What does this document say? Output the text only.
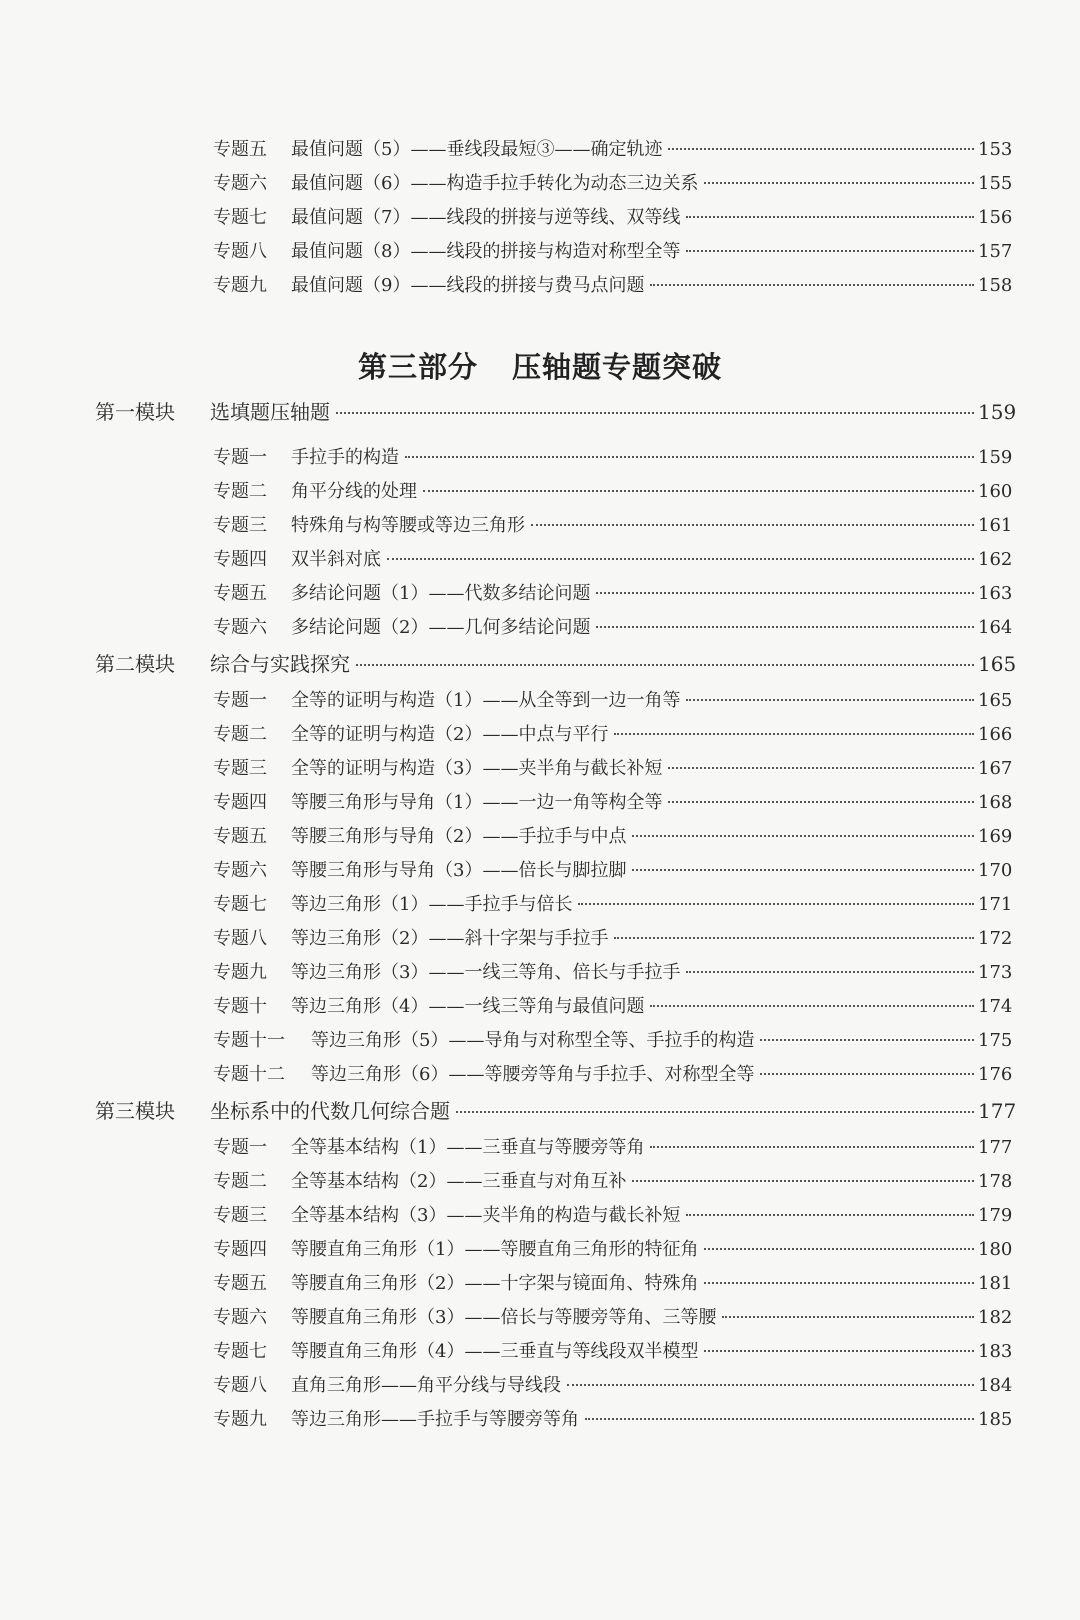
专题五	最值问题（5）——垂线段最短③——确定轨迹	153
专题六	最值问题（6）——构造手拉手转化为动态三边关系	155
专题七	最值问题（7）——线段的拼接与逆等线、双等线	156
专题八	最值问题（8）——线段的拼接与构造对称型全等	157
专题九	最值问题（9）——线段的拼接与费马点问题	158
第三部分 压轴题专题突破
第一模块	选填题压轴题	159
专题一	手拉手的构造	159
专题二	角平分线的处理	160
专题三	特殊角与构等腰或等边三角形	161
专题四	双半斜对底	162
专题五	多结论问题（1）——代数多结论问题	163
专题六	多结论问题（2）——几何多结论问题	164
第二模块	综合与实践探究	165
专题一	全等的证明与构造（1）——从全等到一边一角等	165
专题二	全等的证明与构造（2）——中点与平行	166
专题三	全等的证明与构造（3）——夹半角与截长补短	167
专题四	等腰三角形与导角（1）——一边一角等构全等	168
专题五	等腰三角形与导角（2）——手拉手与中点	169
专题六	等腰三角形与导角（3）——倍长与脚拉脚	170
专题七	等边三角形（1）——手拉手与倍长	171
专题八	等边三角形（2）——斜十字架与手拉手	172
专题九	等边三角形（3）——一线三等角、倍长与手拉手	173
专题十	等边三角形（4）——一线三等角与最值问题	174
专题十一	等边三角形（5）——导角与对称型全等、手拉手的构造	175
专题十二	等边三角形（6）——等腰旁等角与手拉手、对称型全等	176
第三模块	坐标系中的代数几何综合题	177
专题一	全等基本结构（1）——三垂直与等腰旁等角	177
专题二	全等基本结构（2）——三垂直与对角互补	178
专题三	全等基本结构（3）——夹半角的构造与截长补短	179
专题四	等腰直角三角形（1）——等腰直角三角形的特征角	180
专题五	等腰直角三角形（2）——十字架与镜面角、特殊角	181
专题六	等腰直角三角形（3）——倍长与等腰旁等角、三等腰	182
专题七	等腰直角三角形（4）——三垂直与等线段双半模型	183
专题八	直角三角形——角平分线与导线段	184
专题九	等边三角形——手拉手与等腰旁等角	185
